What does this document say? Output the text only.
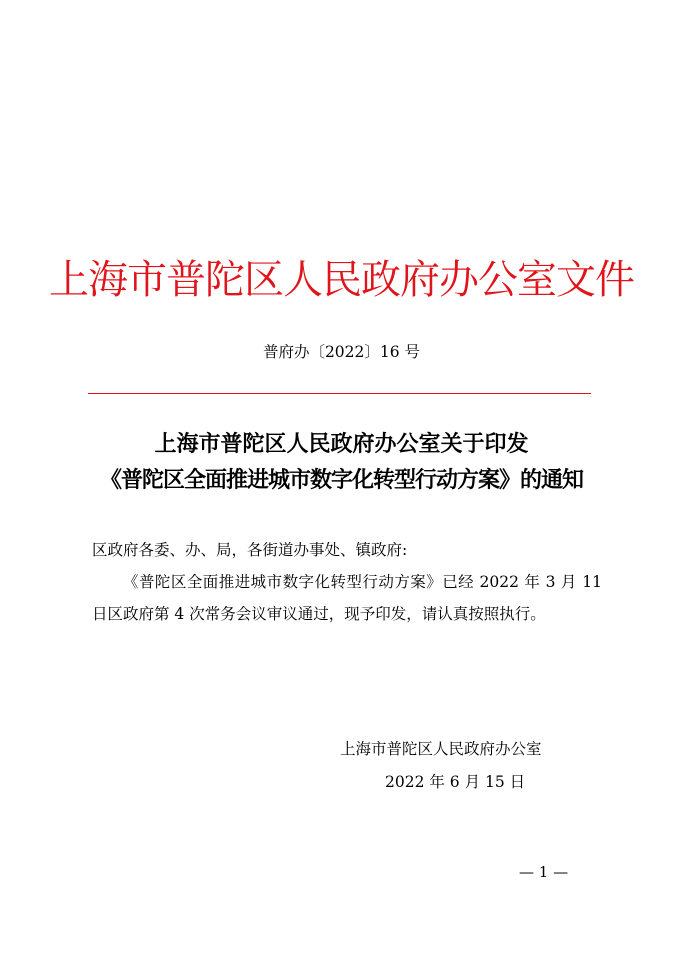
上海市普陀区人民政府办公室文件
普府办〔2022〕16 号
上海市普陀区人民政府办公室关于印发
《普陀区全面推进城市数字化转型行动方案》的通知

区政府各委、办、局，各街道办事处、镇政府:

《普陀区全面推进城市数字化转型行动方案》已经 2022 年 3 月 11 日区政府第 4 次常务会议审议通过，现予印发，请认真按照执行。

上海市普陀区人民政府办公室
2022 年 6 月 15 日
— 1 —
